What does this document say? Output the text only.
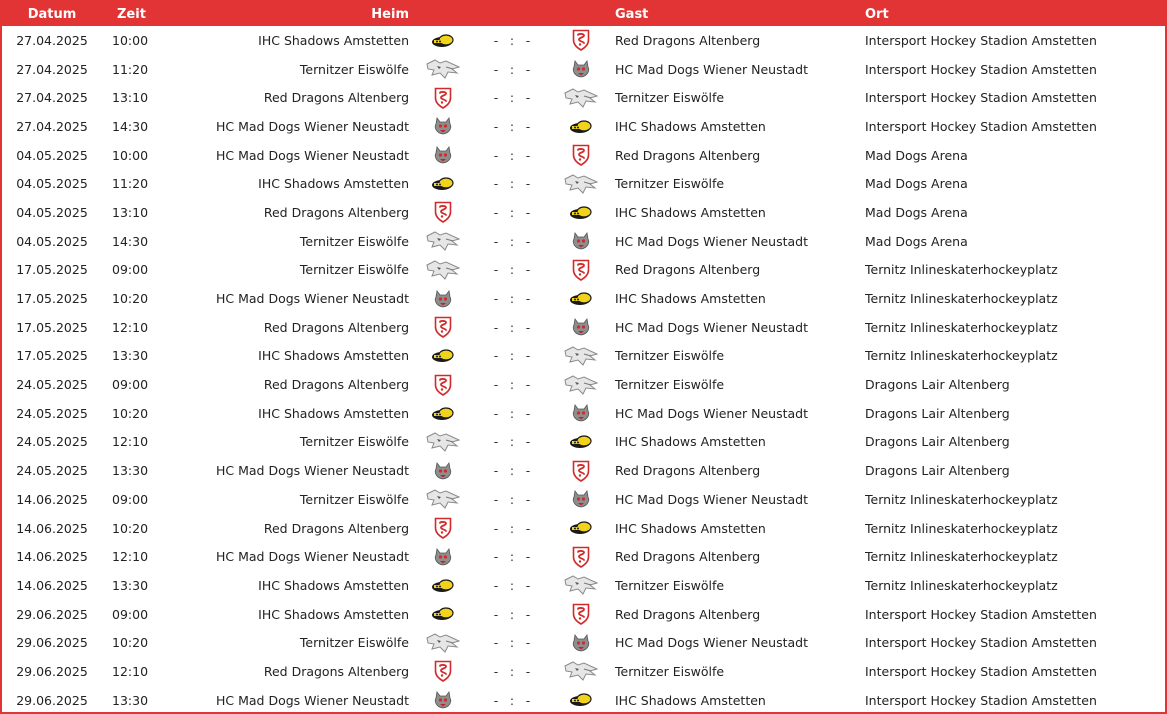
Datum	Zeit	Heim				Gast	Ort
27.04.2025	10:00	IHC Shadows Amstetten		- : -		Red Dragons Altenberg	Intersport Hockey Stadion Amstetten
27.04.2025	11:20	Ternitzer Eiswölfe		- : -		HC Mad Dogs Wiener Neustadt	Intersport Hockey Stadion Amstetten
27.04.2025	13:10	Red Dragons Altenberg		- : -		Ternitzer Eiswölfe	Intersport Hockey Stadion Amstetten
27.04.2025	14:30	HC Mad Dogs Wiener Neustadt		- : -		IHC Shadows Amstetten	Intersport Hockey Stadion Amstetten
04.05.2025	10:00	HC Mad Dogs Wiener Neustadt		- : -		Red Dragons Altenberg	Mad Dogs Arena
04.05.2025	11:20	IHC Shadows Amstetten		- : -		Ternitzer Eiswölfe	Mad Dogs Arena
04.05.2025	13:10	Red Dragons Altenberg		- : -		IHC Shadows Amstetten	Mad Dogs Arena
04.05.2025	14:30	Ternitzer Eiswölfe		- : -		HC Mad Dogs Wiener Neustadt	Mad Dogs Arena
17.05.2025	09:00	Ternitzer Eiswölfe		- : -		Red Dragons Altenberg	Ternitz Inlineskaterhockeyplatz
17.05.2025	10:20	HC Mad Dogs Wiener Neustadt		- : -		IHC Shadows Amstetten	Ternitz Inlineskaterhockeyplatz
17.05.2025	12:10	Red Dragons Altenberg		- : -		HC Mad Dogs Wiener Neustadt	Ternitz Inlineskaterhockeyplatz
17.05.2025	13:30	IHC Shadows Amstetten		- : -		Ternitzer Eiswölfe	Ternitz Inlineskaterhockeyplatz
24.05.2025	09:00	Red Dragons Altenberg		- : -		Ternitzer Eiswölfe	Dragons Lair Altenberg
24.05.2025	10:20	IHC Shadows Amstetten		- : -		HC Mad Dogs Wiener Neustadt	Dragons Lair Altenberg
24.05.2025	12:10	Ternitzer Eiswölfe		- : -		IHC Shadows Amstetten	Dragons Lair Altenberg
24.05.2025	13:30	HC Mad Dogs Wiener Neustadt		- : -		Red Dragons Altenberg	Dragons Lair Altenberg
14.06.2025	09:00	Ternitzer Eiswölfe		- : -		HC Mad Dogs Wiener Neustadt	Ternitz Inlineskaterhockeyplatz
14.06.2025	10:20	Red Dragons Altenberg		- : -		IHC Shadows Amstetten	Ternitz Inlineskaterhockeyplatz
14.06.2025	12:10	HC Mad Dogs Wiener Neustadt		- : -		Red Dragons Altenberg	Ternitz Inlineskaterhockeyplatz
14.06.2025	13:30	IHC Shadows Amstetten		- : -		Ternitzer Eiswölfe	Ternitz Inlineskaterhockeyplatz
29.06.2025	09:00	IHC Shadows Amstetten		- : -		Red Dragons Altenberg	Intersport Hockey Stadion Amstetten
29.06.2025	10:20	Ternitzer Eiswölfe		- : -		HC Mad Dogs Wiener Neustadt	Intersport Hockey Stadion Amstetten
29.06.2025	12:10	Red Dragons Altenberg		- : -		Ternitzer Eiswölfe	Intersport Hockey Stadion Amstetten
29.06.2025	13:30	HC Mad Dogs Wiener Neustadt		- : -		IHC Shadows Amstetten	Intersport Hockey Stadion Amstetten
